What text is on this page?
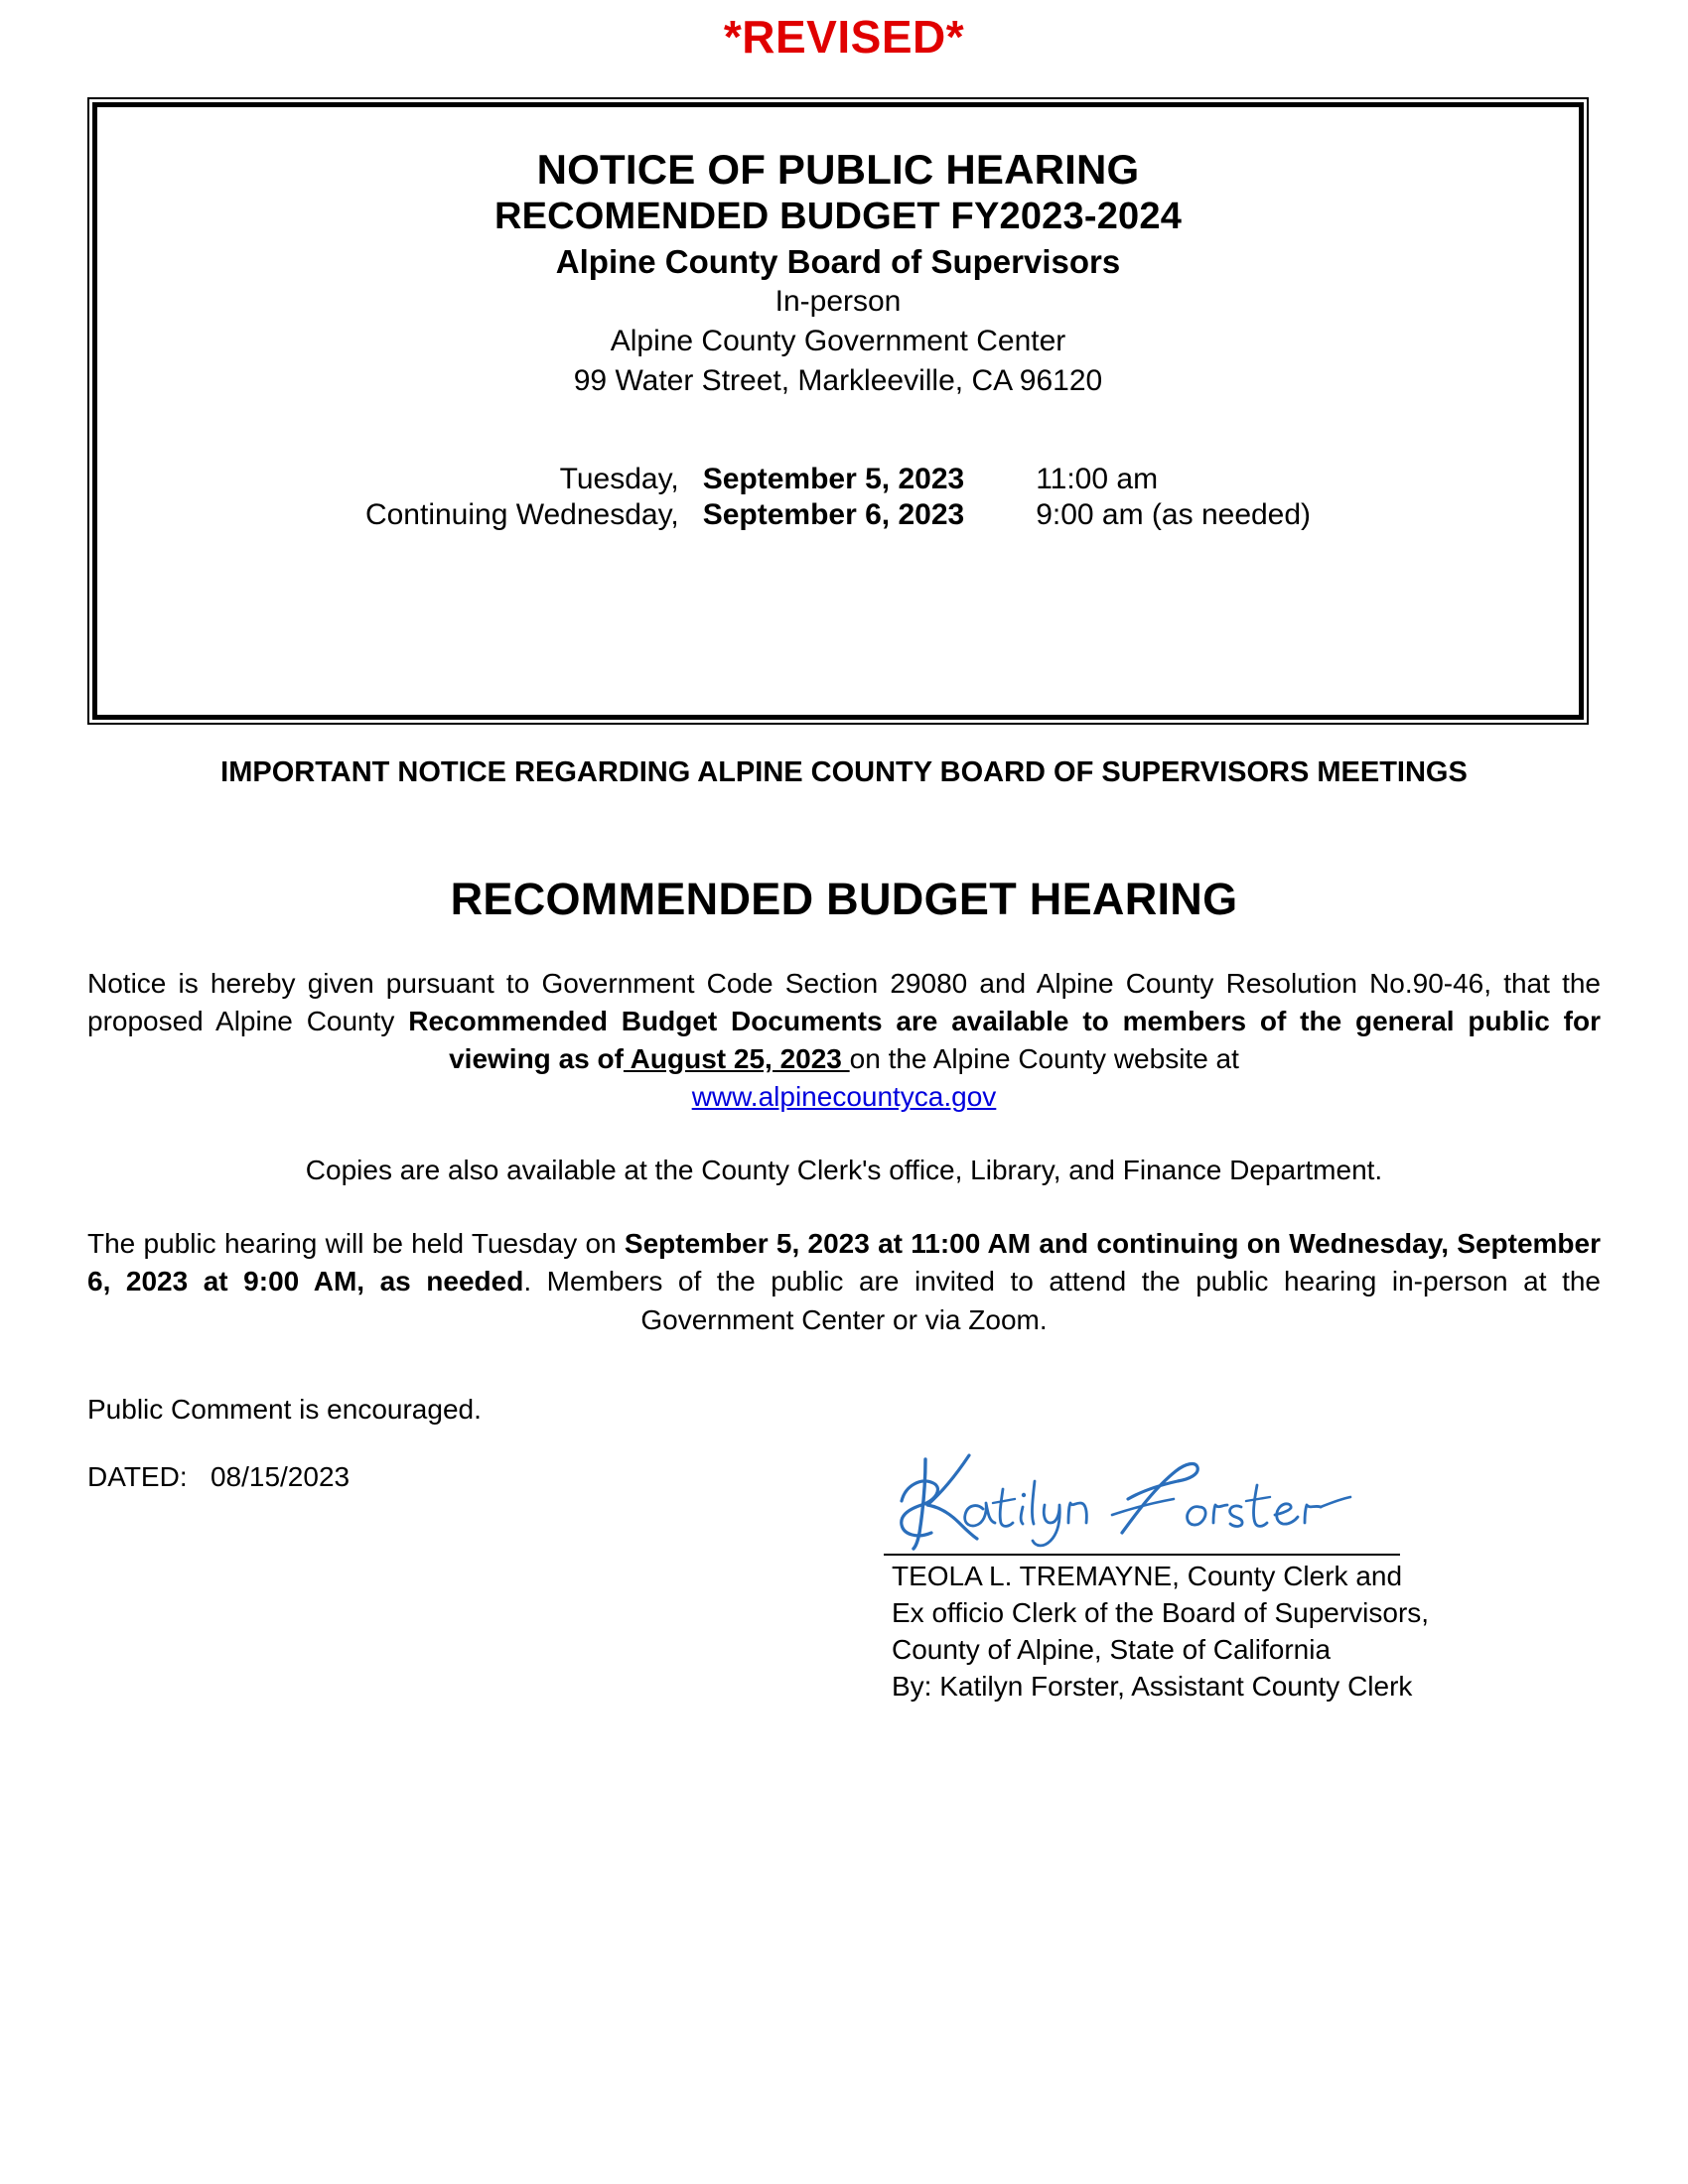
*REVISED*
NOTICE OF PUBLIC HEARING
RECOMENDED BUDGET FY2023-2024
Alpine County Board of Supervisors
In-person
Alpine County Government Center
99 Water Street, Markleeville, CA 96120
Tuesday,	September 5, 2023	11:00 am
Continuing Wednesday,	September 6, 2023	9:00 am (as needed)
IMPORTANT NOTICE REGARDING ALPINE COUNTY BOARD OF SUPERVISORS MEETINGS
RECOMMENDED BUDGET HEARING

Notice is hereby given pursuant to Government Code Section 29080 and Alpine County Resolution No.90-46, that the proposed Alpine County Recommended Budget Documents are available to members of the general public for viewing as of August 25, 2023 on the Alpine County website at

www.alpinecountyca.gov

Copies are also available at the County Clerk's office, Library, and Finance Department.

The public hearing will be held Tuesday on September 5, 2023 at 11:00 AM and continuing on Wednesday, September 6, 2023 at 9:00 AM, as needed. Members of the public are invited to attend the public hearing in-person at the Government Center or via Zoom.

Public Comment is encouraged.
DATED: 08/15/2023
TEOLA L. TREMAYNE, County Clerk and
Ex officio Clerk of the Board of Supervisors,
County of Alpine, State of California
By: Katilyn Forster, Assistant County Clerk
